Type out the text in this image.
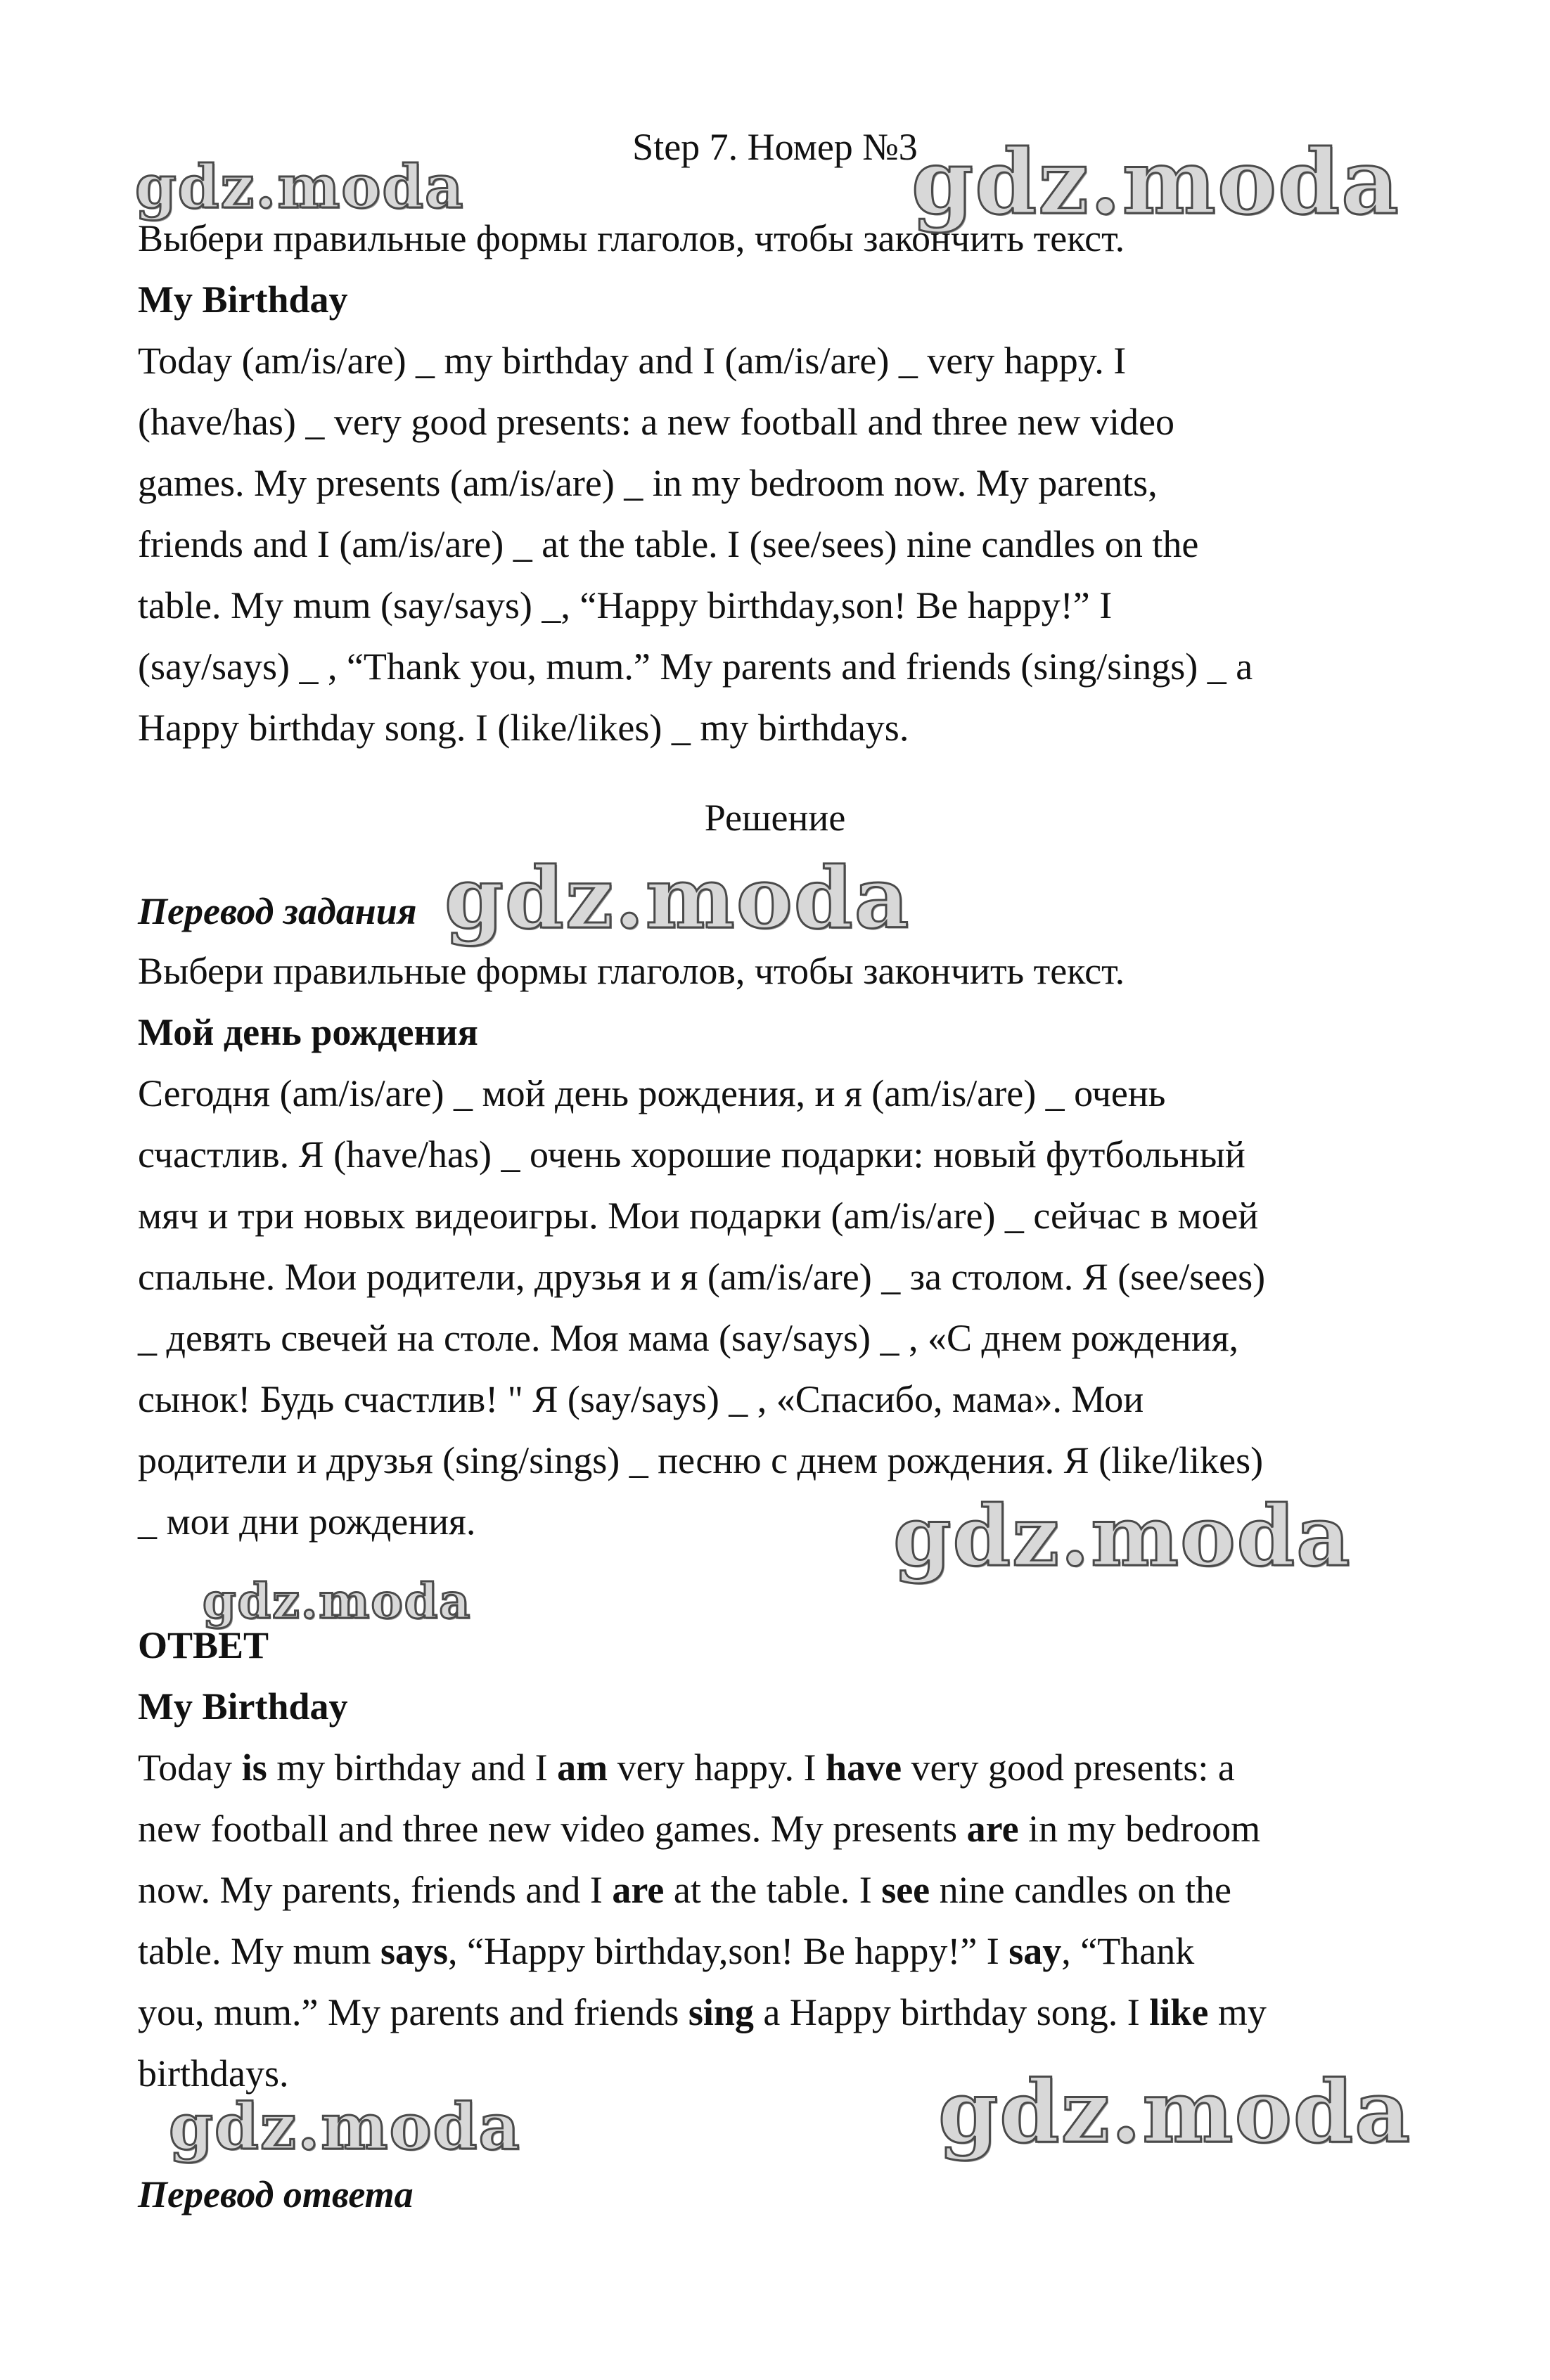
gdz.moda	gdz.moda
gdz.moda
gdz.moda
gdz.moda
gdz.moda
gdz.moda
Step 7. Номер №3
Выбери правильные формы глаголов, чтобы закончить текст.
My Birthday
Today (am/is/are) _ my birthday and I (am/is/are) _ very happy. I
(have/has) _ very good presents: a new football and three new video
games. My presents (am/is/are) _ in my bedroom now. My parents,
friends and I (am/is/are) _ at the table. I (see/sees) nine candles on the
table. My mum (say/says) _, “Happy birthday,son! Be happy!” I
(say/says) _ , “Thank you, mum.” My parents and friends (sing/sings) _ a
Happy birthday song. I (like/likes) _ my birthdays.
Решение
Перевод задания
Выбери правильные формы глаголов, чтобы закончить текст.
Мой день рождения
Сегодня (am/is/are) _ мой день рождения, и я (am/is/are) _ очень
счастлив. Я (have/has) _ очень хорошие подарки: новый футбольный
мяч и три новых видеоигры. Мои подарки (am/is/are) _ сейчас в моей
спальне. Мои родители, друзья и я (am/is/are) _ за столом. Я (see/sees)
_ девять свечей на столе. Моя мама (say/says) _ , «С днем рождения,
сынок! Будь счастлив! " Я (say/says) _ , «Спасибо, мама». Мои
родители и друзья (sing/sings) _ песню с днем рождения. Я (like/likes)
_ мои дни рождения.
ОТВЕТ
My Birthday
Today is my birthday and I am very happy. I have very good presents: a
new football and three new video games. My presents are in my bedroom
now. My parents, friends and I are at the table. I see nine candles on the
table. My mum says, “Happy birthday,son! Be happy!” I say, “Thank
you, mum.” My parents and friends sing a Happy birthday song. I like my
birthdays.
Перевод ответа
